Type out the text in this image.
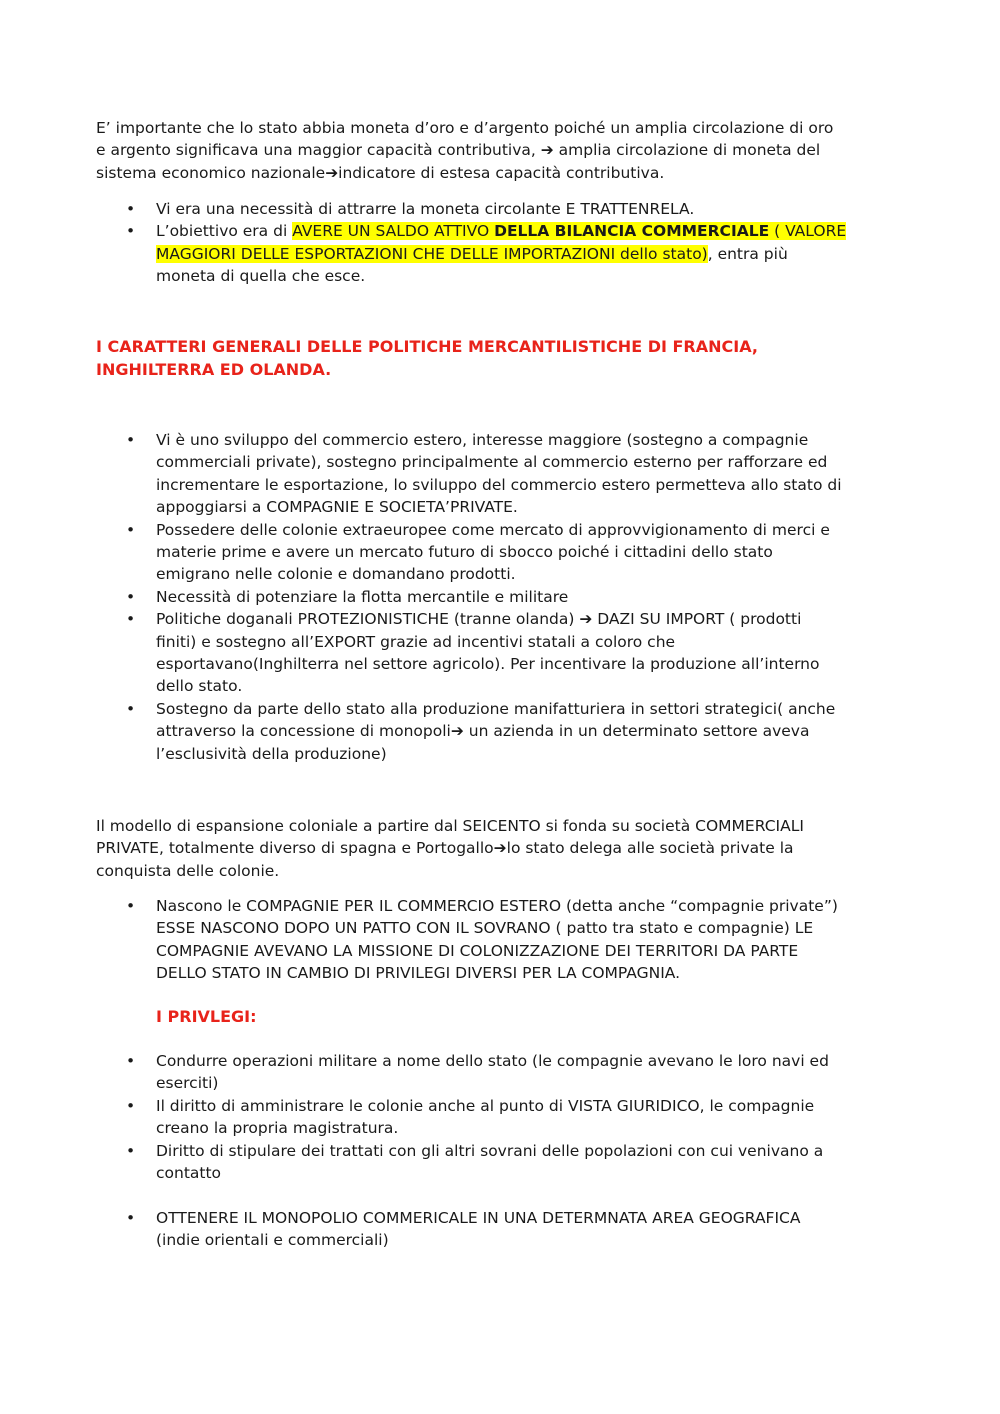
E’ importante che lo stato abbia moneta d’oro e d’argento poiché un amplia circolazione di oro
e argento significava una maggior capacità contributiva, ➔ amplia circolazione di moneta del
sistema economico nazionale➔indicatore di estesa capacità contributiva.

• Vi era una necessità di attrarre la moneta circolante E TRATTENRELA.
• L’obiettivo era di AVERE UN SALDO ATTIVO DELLA BILANCIA COMMERCIALE ( VALORE
MAGGIORI DELLE ESPORTAZIONI CHE DELLE IMPORTAZIONI dello stato), entra più
moneta di quella che esce.

I CARATTERI GENERALI DELLE POLITICHE MERCANTILISTICHE DI FRANCIA,
INGHILTERRA ED OLANDA.

• Vi è uno sviluppo del commercio estero, interesse maggiore (sostegno a compagnie
commerciali private), sostegno principalmente al commercio esterno per rafforzare ed
incrementare le esportazione, lo sviluppo del commercio estero permetteva allo stato di
appoggiarsi a COMPAGNIE E SOCIETA’PRIVATE.
• Possedere delle colonie extraeuropee come mercato di approvvigionamento di merci e
materie prime e avere un mercato futuro di sbocco poiché i cittadini dello stato
emigrano nelle colonie e domandano prodotti.
• Necessità di potenziare la flotta mercantile e militare
• Politiche doganali PROTEZIONISTICHE (tranne olanda) ➔ DAZI SU IMPORT ( prodotti
finiti) e sostegno all’EXPORT grazie ad incentivi statali a coloro che
esportavano(Inghilterra nel settore agricolo). Per incentivare la produzione all’interno
dello stato.
• Sostegno da parte dello stato alla produzione manifatturiera in settori strategici( anche
attraverso la concessione di monopoli➔ un azienda in un determinato settore aveva
l’esclusività della produzione)

Il modello di espansione coloniale a partire dal SEICENTO si fonda su società COMMERCIALI
PRIVATE, totalmente diverso di spagna e Portogallo➔lo stato delega alle società private la
conquista delle colonie.

• Nascono le COMPAGNIE PER IL COMMERCIO ESTERO (detta anche “compagnie private”)
ESSE NASCONO DOPO UN PATTO CON IL SOVRANO ( patto tra stato e compagnie) LE
COMPAGNIE AVEVANO LA MISSIONE DI COLONIZZAZIONE DEI TERRITORI DA PARTE
DELLO STATO IN CAMBIO DI PRIVILEGI DIVERSI PER LA COMPAGNIA.

I PRIVLEGI:

• Condurre operazioni militare a nome dello stato (le compagnie avevano le loro navi ed
eserciti)
• Il diritto di amministrare le colonie anche al punto di VISTA GIURIDICO, le compagnie
creano la propria magistratura.
• Diritto di stipulare dei trattati con gli altri sovrani delle popolazioni con cui venivano a
contatto
• OTTENERE IL MONOPOLIO COMMERICALE IN UNA DETERMNATA AREA GEOGRAFICA
(indie orientali e commerciali)
